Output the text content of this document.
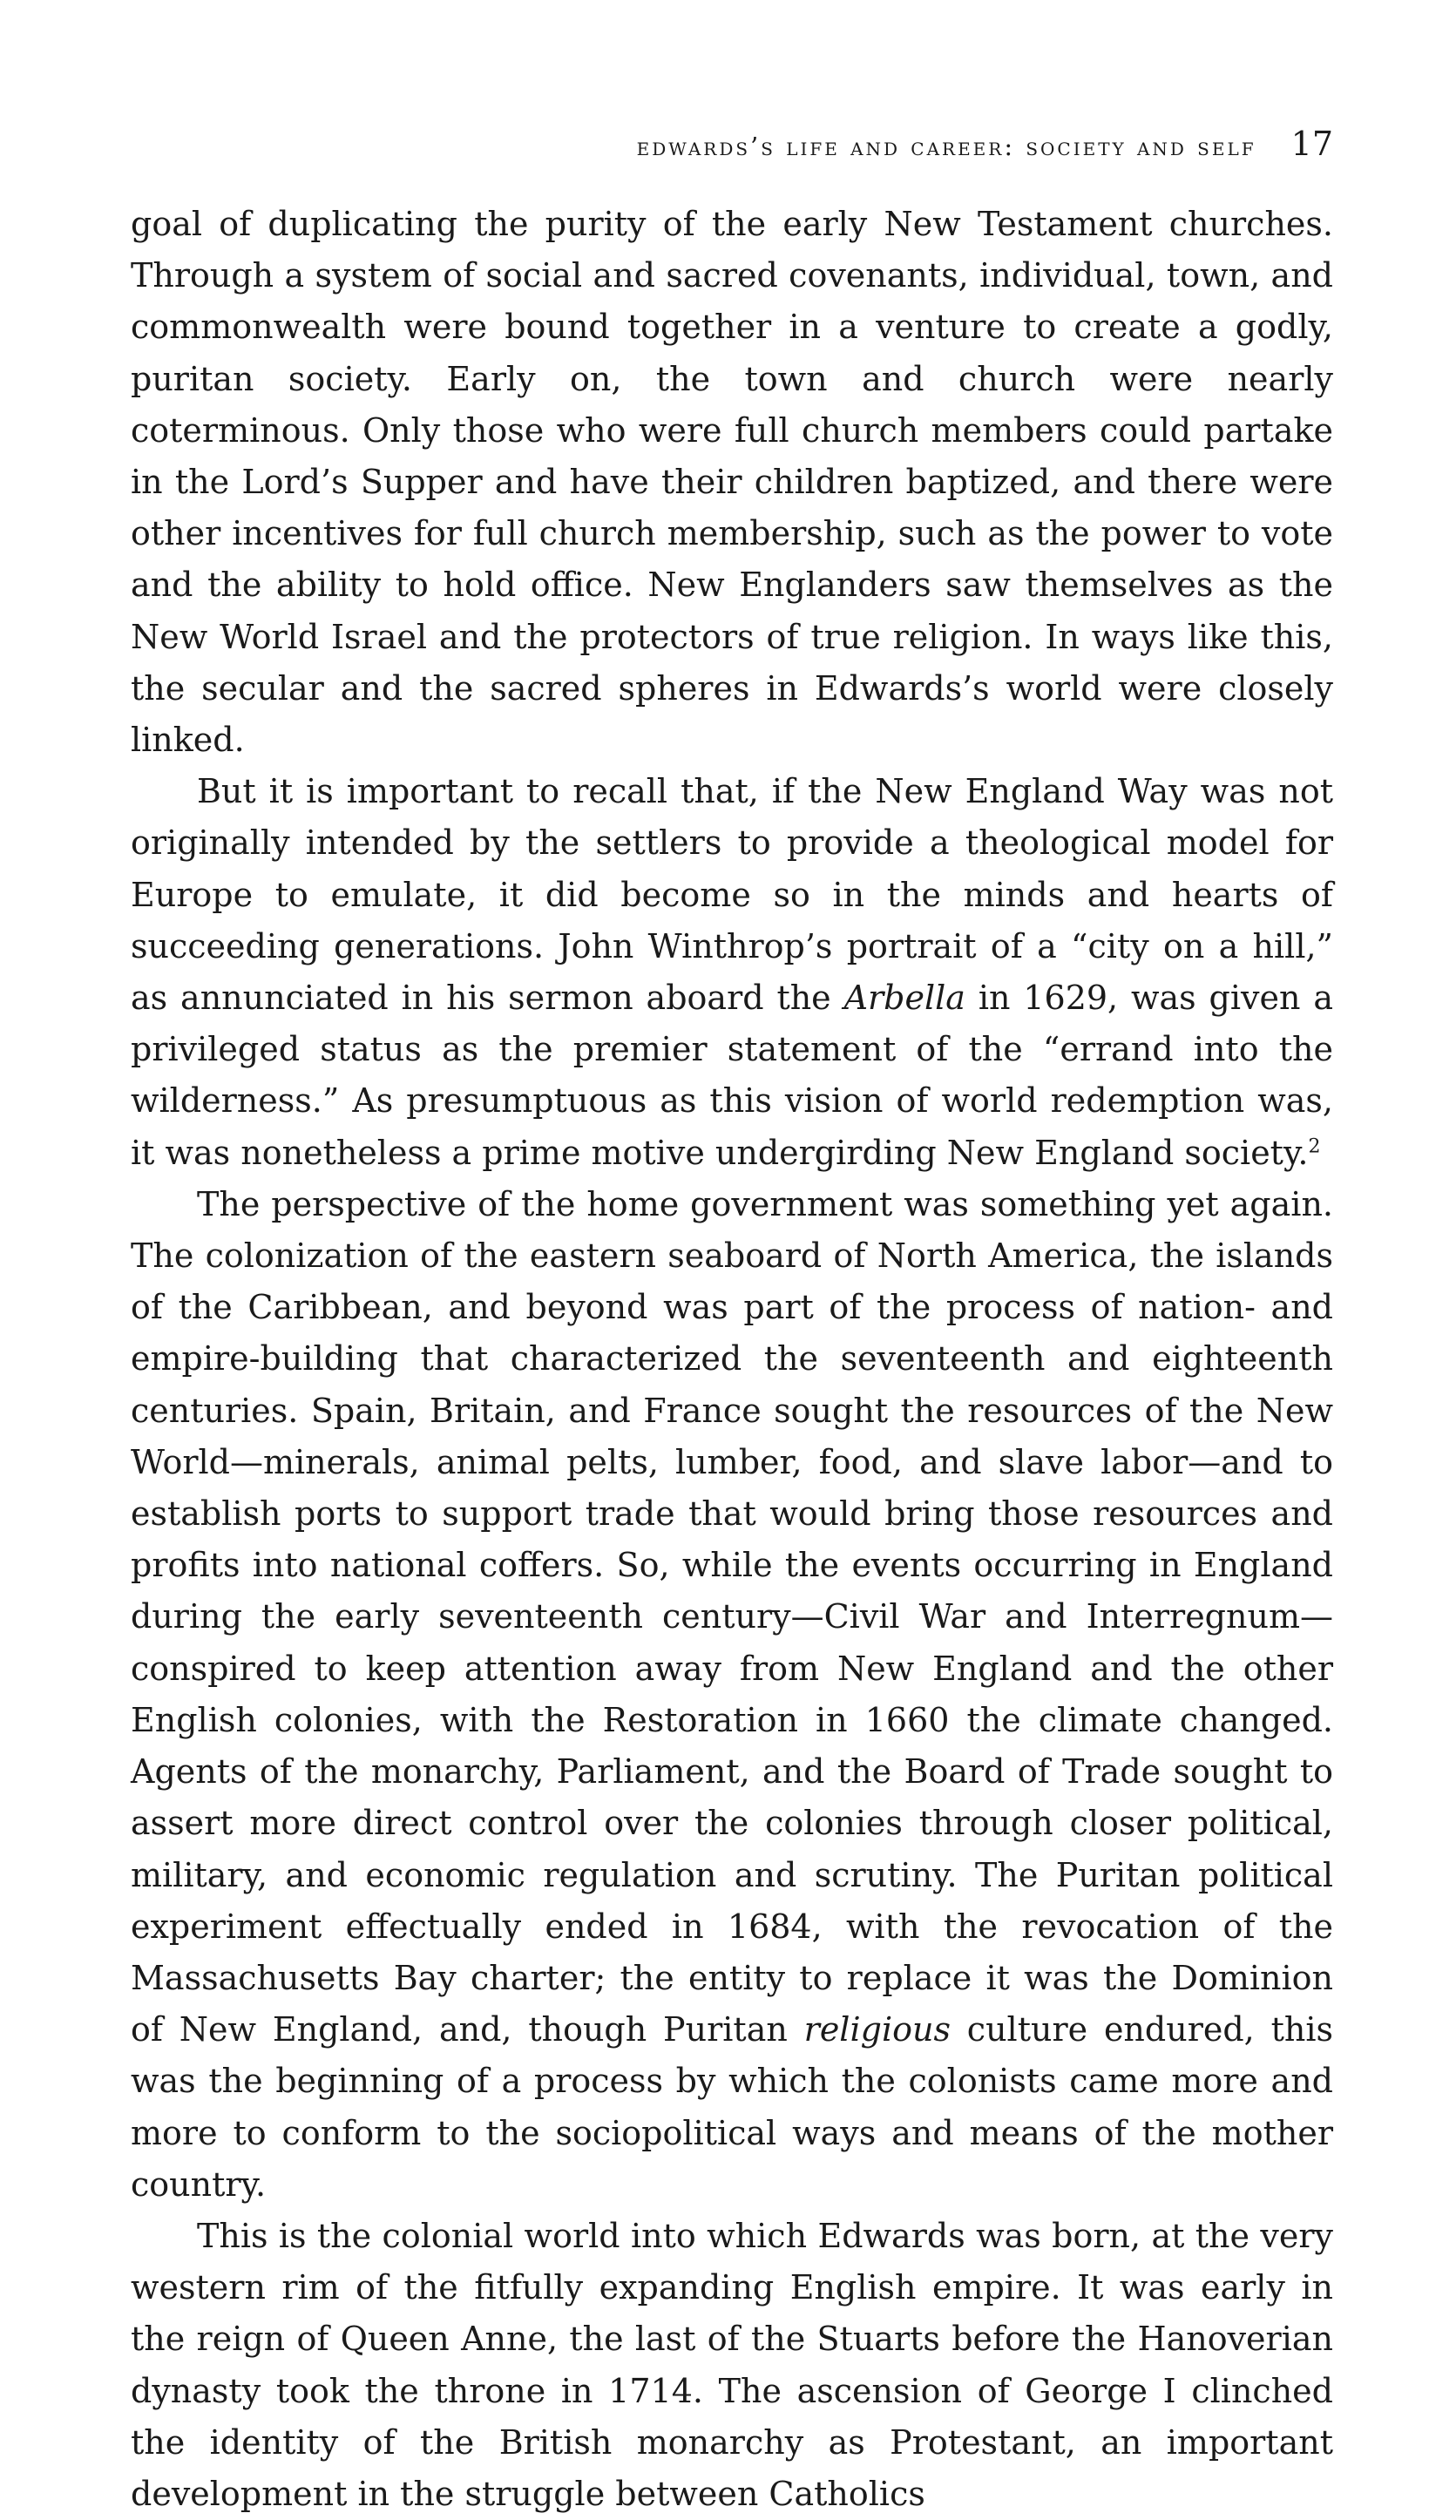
edwards’s life and career: society and self 17

goal of duplicating the purity of the early New Testament churches. Through a system of social and sacred covenants, individual, town, and commonwealth were bound together in a venture to create a godly, puritan society. Early on, the town and church were nearly coterminous. Only those who were full church members could partake in the Lord’s Supper and have their children baptized, and there were other incentives for full church membership, such as the power to vote and the ability to hold office. New Englanders saw themselves as the New World Israel and the protectors of true religion. In ways like this, the secular and the sacred spheres in Edwards’s world were closely linked.

But it is important to recall that, if the New England Way was not originally intended by the settlers to provide a theological model for Europe to emulate, it did become so in the minds and hearts of succeeding generations. John Winthrop’s portrait of a “city on a hill,” as annunciated in his sermon aboard the Arbella in 1629, was given a privileged status as the premier statement of the “errand into the wilderness.” As presumptuous as this vision of world redemption was, it was nonetheless a prime motive undergirding New England society.$^2$

The perspective of the home government was something yet again. The colonization of the eastern seaboard of North America, the islands of the Caribbean, and beyond was part of the process of nation- and empire-building that characterized the seventeenth and eighteenth centuries. Spain, Britain, and France sought the resources of the New World—minerals, animal pelts, lumber, food, and slave labor—and to establish ports to support trade that would bring those resources and profits into national coffers. So, while the events occurring in England during the early seventeenth century—Civil War and Interregnum—conspired to keep attention away from New England and the other English colonies, with the Restoration in 1660 the climate changed. Agents of the monarchy, Parliament, and the Board of Trade sought to assert more direct control over the colonies through closer political, military, and economic regulation and scrutiny. The Puritan political experiment effectually ended in 1684, with the revocation of the Massachusetts Bay charter; the entity to replace it was the Dominion of New England, and, though Puritan religious culture endured, this was the beginning of a process by which the colonists came more and more to conform to the sociopolitical ways and means of the mother country.

This is the colonial world into which Edwards was born, at the very western rim of the fitfully expanding English empire. It was early in the reign of Queen Anne, the last of the Stuarts before the Hanoverian dynasty took the throne in 1714. The ascension of George I clinched the identity of the British monarchy as Protestant, an important development in the struggle between Catholics
